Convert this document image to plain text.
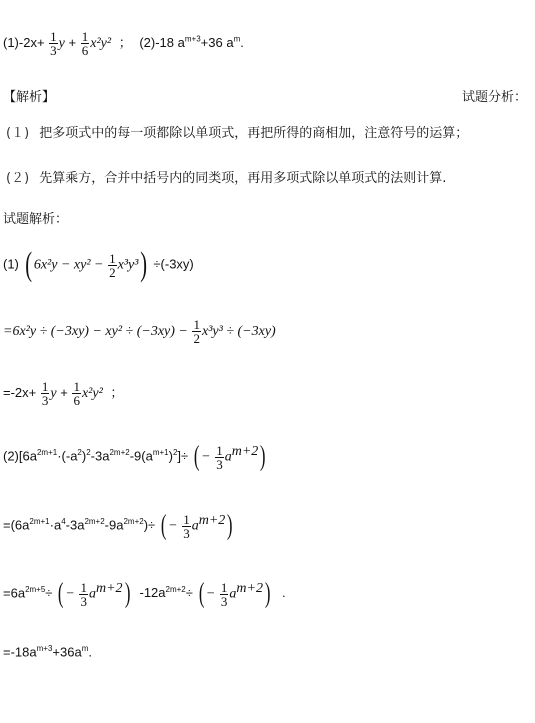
$(1)-2x+ \frac{1}{3}$ $y + \frac{1}{6} x^2y^2$ ； (2)-18 $a^{m+3}+36$ $a^m$.
【解析】	试题分析：
(１) 把多项式中的每一项都除以单项式，再把所得的商相加，注意符号的运算；
(２) 先算乘方，合并中括号内的同类项，再用多项式除以单项式的法则计算.
试题解析：
(1) ( $6x^2y - xy^2 - \frac{1}{2} x^3y^3) \div(-3xy)$
$=6x^2y \div (-3xy) - xy^2 \div (-3xy) - \frac{1}{2} x^3y^3 \div (-3xy)$
$=-2x+ \frac{1}{3}$ $y + \frac{1}{6} x^2y^2$ ；
$(2)[6a^{2m+1}\cdot(-a^2)^2-3a^{2m+2}-9(a^{m+1})^2]\div$ ( − $\frac{1}{3} a^{m+2}$)
$=(6a^{2m+1}\cdot a^4-3a^{2m+2}-9a^{2m+2})\div$ ( − $\frac{1}{3} a^{m+2}$)
$=6a^{2m+5}\div$ ( − $\frac{1}{3} a^{m+2}$) $-12a^{2m+2}\div$ ( − $\frac{1}{3} a^{m+2}$) .
$=-18a^{m+3}+36a^m$.
